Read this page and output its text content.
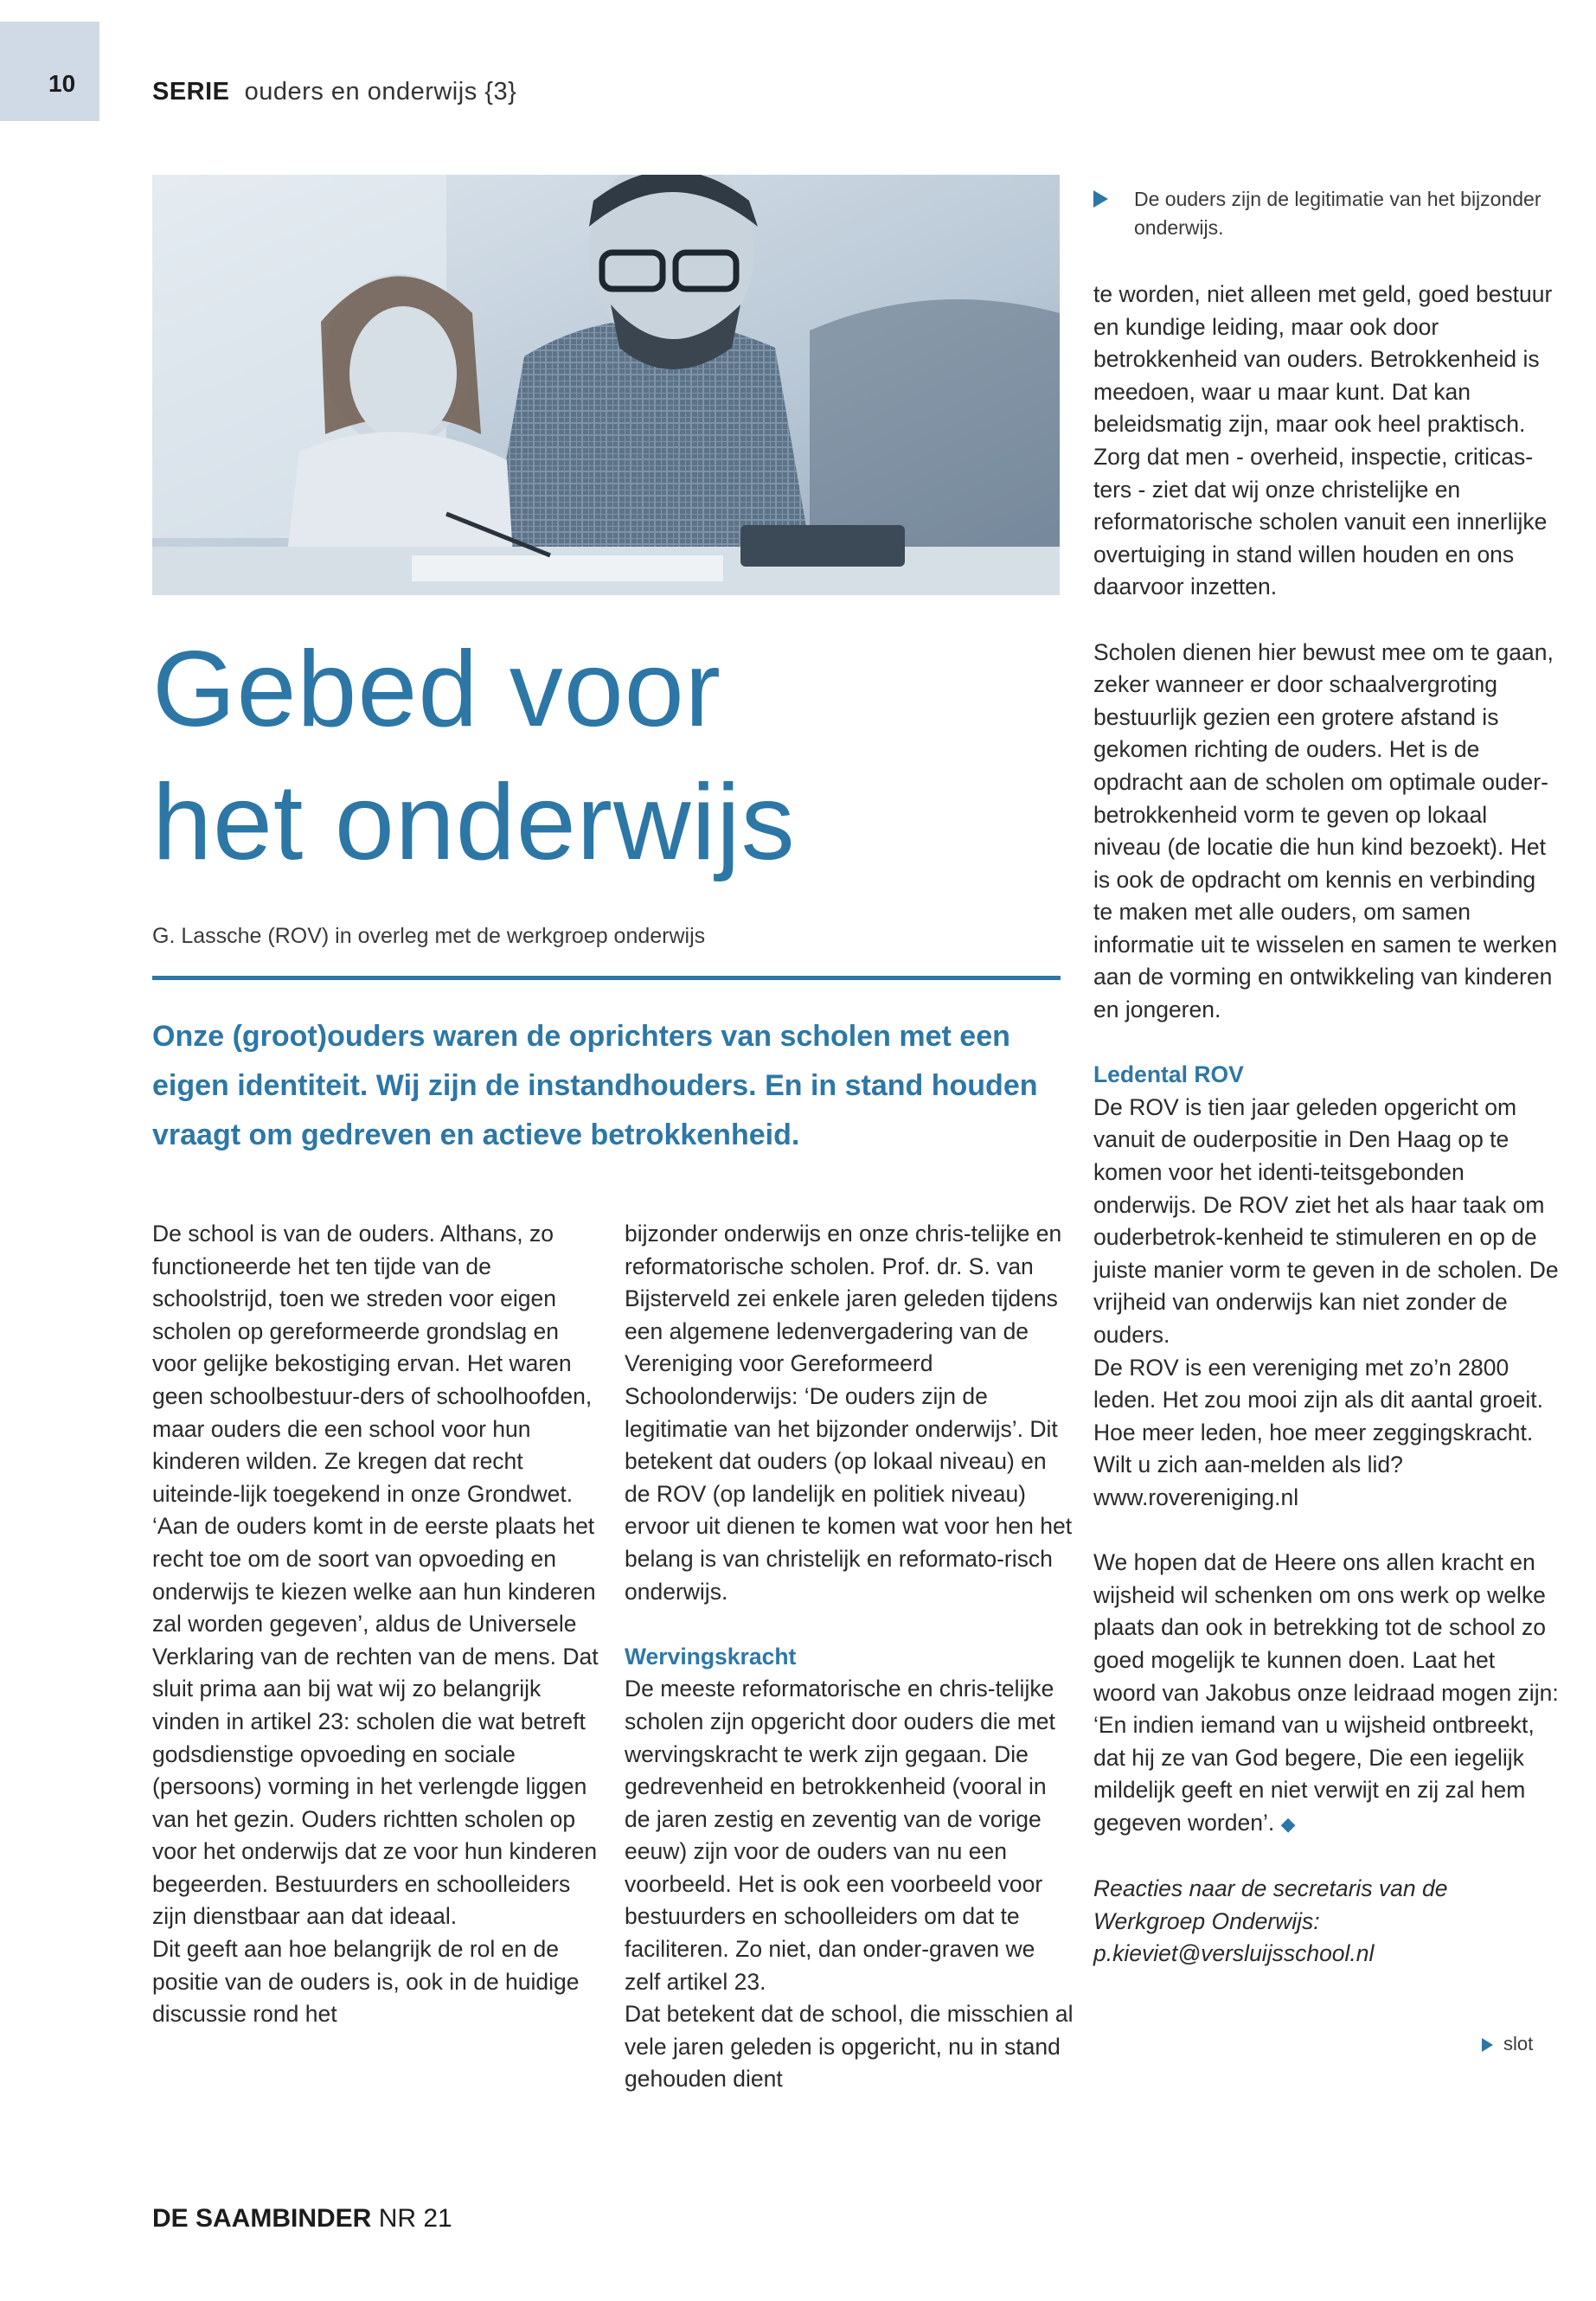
10	SERIE ouders en onderwijs {3}
De ouders zijn de legitimatie van het bijzonder onderwijs.
Gebed voor
het onderwijs
G. Lassche (ROV) in overleg met de werkgroep onderwijs
Onze (groot)ouders waren de oprichters van scholen met een eigen identiteit. Wij zijn de instandhouders. En in stand houden vraagt om gedreven en actieve betrokkenheid.

De school is van de ouders. Althans, zo functioneerde het ten tijde van de schoolstrijd, toen we streden voor eigen scholen op gereformeerde grondslag en voor gelijke bekostiging ervan. Het waren geen schoolbestuur-ders of schoolhoofden, maar ouders die een school voor hun kinderen wilden. Ze kregen dat recht uiteinde-lijk toegekend in onze Grondwet.

‘Aan de ouders komt in de eerste plaats het recht toe om de soort van opvoeding en onderwijs te kiezen welke aan hun kinderen zal worden gegeven’, aldus de Universele Verklaring van de rechten van de mens. Dat sluit prima aan bij wat wij zo belangrijk vinden in artikel 23: scholen die wat betreft godsdienstige opvoeding en sociale (persoons) vorming in het verlengde liggen van het gezin. Ouders richtten scholen op voor het onderwijs dat ze voor hun kinderen begeerden. Bestuurders en schoolleiders zijn dienstbaar aan dat ideaal.

Dit geeft aan hoe belangrijk de rol en de positie van de ouders is, ook in de huidige discussie rond het

bijzonder onderwijs en onze chris-telijke en reformatorische scholen. Prof. dr. S. van Bijsterveld zei enkele jaren geleden tijdens een algemene ledenvergadering van de Vereniging voor Gereformeerd Schoolonderwijs: ‘De ouders zijn de legitimatie van het bijzonder onderwijs’. Dit betekent dat ouders (op lokaal niveau) en de ROV (op landelijk en politiek niveau) ervoor uit dienen te komen wat voor hen het belang is van christelijk en reformato-risch onderwijs.

Wervingskracht

De meeste reformatorische en chris-telijke scholen zijn opgericht door ouders die met wervingskracht te werk zijn gegaan. Die gedrevenheid en betrokkenheid (vooral in de jaren zestig en zeventig van de vorige eeuw) zijn voor de ouders van nu een voorbeeld. Het is ook een voorbeeld voor bestuurders en schoolleiders om dat te faciliteren. Zo niet, dan onder-graven we zelf artikel 23.

Dat betekent dat de school, die misschien al vele jaren geleden is opgericht, nu in stand gehouden dient

te worden, niet alleen met geld, goed bestuur en kundige leiding, maar ook door betrokkenheid van ouders. Betrokkenheid is meedoen, waar u maar kunt. Dat kan beleidsmatig zijn, maar ook heel praktisch. Zorg dat men - overheid, inspectie, criticas-ters - ziet dat wij onze christelijke en reformatorische scholen vanuit een innerlijke overtuiging in stand willen houden en ons daarvoor inzetten.

Scholen dienen hier bewust mee om te gaan, zeker wanneer er door schaalvergroting bestuurlijk gezien een grotere afstand is gekomen richting de ouders. Het is de opdracht aan de scholen om optimale ouder-betrokkenheid vorm te geven op lokaal niveau (de locatie die hun kind bezoekt). Het is ook de opdracht om kennis en verbinding te maken met alle ouders, om samen informatie uit te wisselen en samen te werken aan de vorming en ontwikkeling van kinderen en jongeren.

Ledental ROV

De ROV is tien jaar geleden opgericht om vanuit de ouderpositie in Den Haag op te komen voor het identi-teitsgebonden onderwijs. De ROV ziet het als haar taak om ouderbetrok-kenheid te stimuleren en op de juiste manier vorm te geven in de scholen. De vrijheid van onderwijs kan niet zonder de ouders.

De ROV is een vereniging met zo’n 2800 leden. Het zou mooi zijn als dit aantal groeit. Hoe meer leden, hoe meer zeggingskracht. Wilt u zich aan-melden als lid? www.rovereniging.nl

We hopen dat de Heere ons allen kracht en wijsheid wil schenken om ons werk op welke plaats dan ook in betrekking tot de school zo goed mogelijk te kunnen doen. Laat het woord van Jakobus onze leidraad mogen zijn: ‘En indien iemand van u wijsheid ontbreekt, dat hij ze van God begere, Die een iegelijk mildelijk geeft en niet verwijt en zij zal hem gegeven worden’. ◆

Reacties naar de secretaris van de Werkgroep Onderwijs: p.kieviet@versluijsschool.nl

slot
DE SAAMBINDER NR 21
